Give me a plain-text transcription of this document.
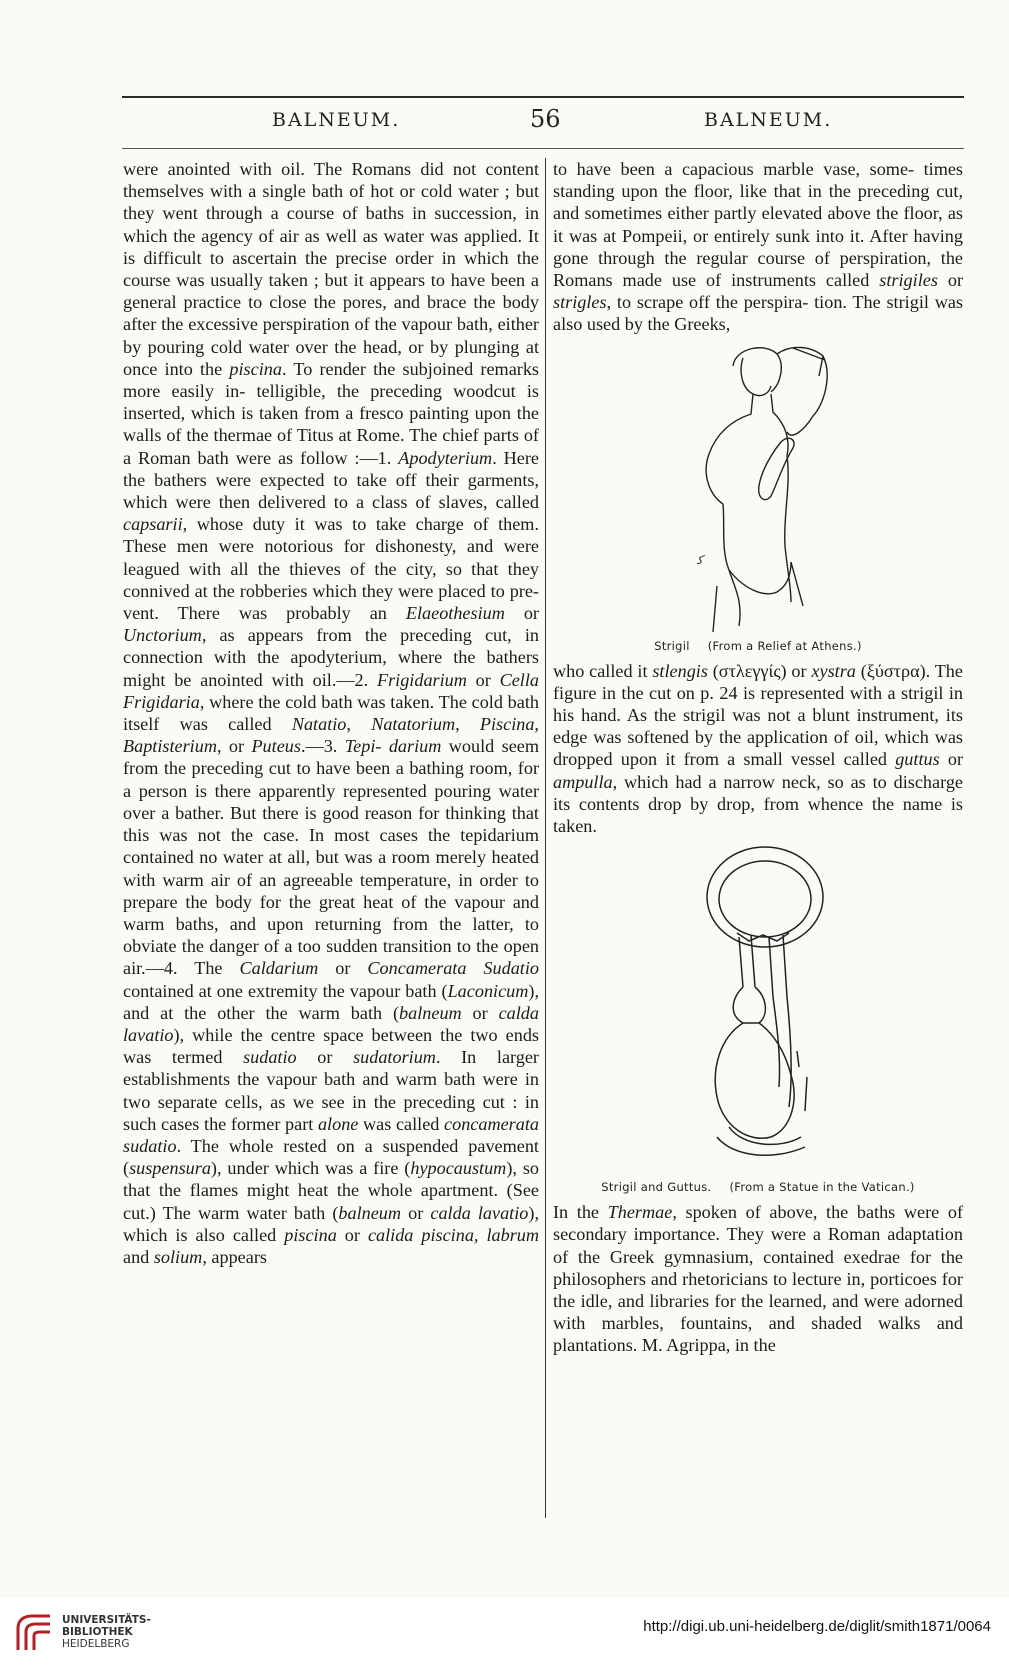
BALNEUM.	56	BALNEUM.

were anointed with oil. The Romans did not content themselves with a single bath of hot or cold water ; but they went through a course of baths in succession, in which the agency of air as well as water was applied. It is difficult to ascertain the precise order in which the course was usually taken ; but it appears to have been a general practice to close the pores, and brace the body after the excessive perspiration of the vapour bath, either by pouring cold water over the head, or by plunging at once into the piscina. To render the subjoined remarks more easily in- telligible, the preceding woodcut is inserted, which is taken from a fresco painting upon the walls of the thermae of Titus at Rome. The chief parts of a Roman bath were as follow :—1. Apodyterium. Here the bathers were expected to take off their garments, which were then delivered to a class of slaves, called capsarii, whose duty it was to take charge of them. These men were notorious for dishonesty, and were leagued with all the thieves of the city, so that they connived at the robberies which they were placed to pre- vent. There was probably an Elaeothesium or Unctorium, as appears from the preceding cut, in connection with the apodyterium, where the bathers might be anointed with oil.—2. Frigidarium or Cella Frigidaria, where the cold bath was taken. The cold bath itself was called Natatio, Natatorium, Piscina, Baptisterium, or Puteus.—3. Tepi- darium would seem from the preceding cut to have been a bathing room, for a person is there apparently represented pouring water over a bather. But there is good reason for thinking that this was not the case. In most cases the tepidarium contained no water at all, but was a room merely heated with warm air of an agreeable temperature, in order to prepare the body for the great heat of the vapour and warm baths, and upon returning from the latter, to obviate the danger of a too sudden transition to the open air.—4. The Caldarium or Concamerata Sudatio contained at one extremity the vapour bath (Laconicum), and at the other the warm bath (balneum or calda lavatio), while the centre space between the two ends was termed sudatio or sudatorium. In larger establishments the vapour bath and warm bath were in two separate cells, as we see in the preceding cut : in such cases the former part alone was called concamerata sudatio. The whole rested on a suspended pavement (suspensura), under which was a fire (hypocaustum), so that the flames might heat the whole apartment. (See cut.) The warm water bath (balneum or calda lavatio), which is also called piscina or calida piscina, labrum and solium, appears

to have been a capacious marble vase, some- times standing upon the floor, like that in the preceding cut, and sometimes either partly elevated above the floor, as it was at Pompeii, or entirely sunk into it. After having gone through the regular course of perspiration, the Romans made use of instruments called strigiles or strigles, to scrape off the perspira- tion. The strigil was also used by the Greeks,

ﻛ
Strigil (From a Relief at Athens.)

who called it stlengis (στλεγγίς) or xystra (ξύστρα). The figure in the cut on p. 24 is represented with a strigil in his hand. As the strigil was not a blunt instrument, its edge was softened by the application of oil, which was dropped upon it from a small vessel called guttus or ampulla, which had a narrow neck, so as to discharge its contents drop by drop, from whence the name is taken.

Strigil and Guttus. (From a Statue in the Vatican.)

In the Thermae, spoken of above, the baths were of secondary importance. They were a Roman adaptation of the Greek gymnasium, contained exedrae for the philosophers and rhetoricians to lecture in, porticoes for the idle, and libraries for the learned, and were adorned with marbles, fountains, and shaded walks and plantations. M. Agrippa, in the

UNIVERSITÄTS-
BIBLIOTHEK
HEIDELBERG
http://digi.ub.uni-heidelberg.de/diglit/smith1871/0064
